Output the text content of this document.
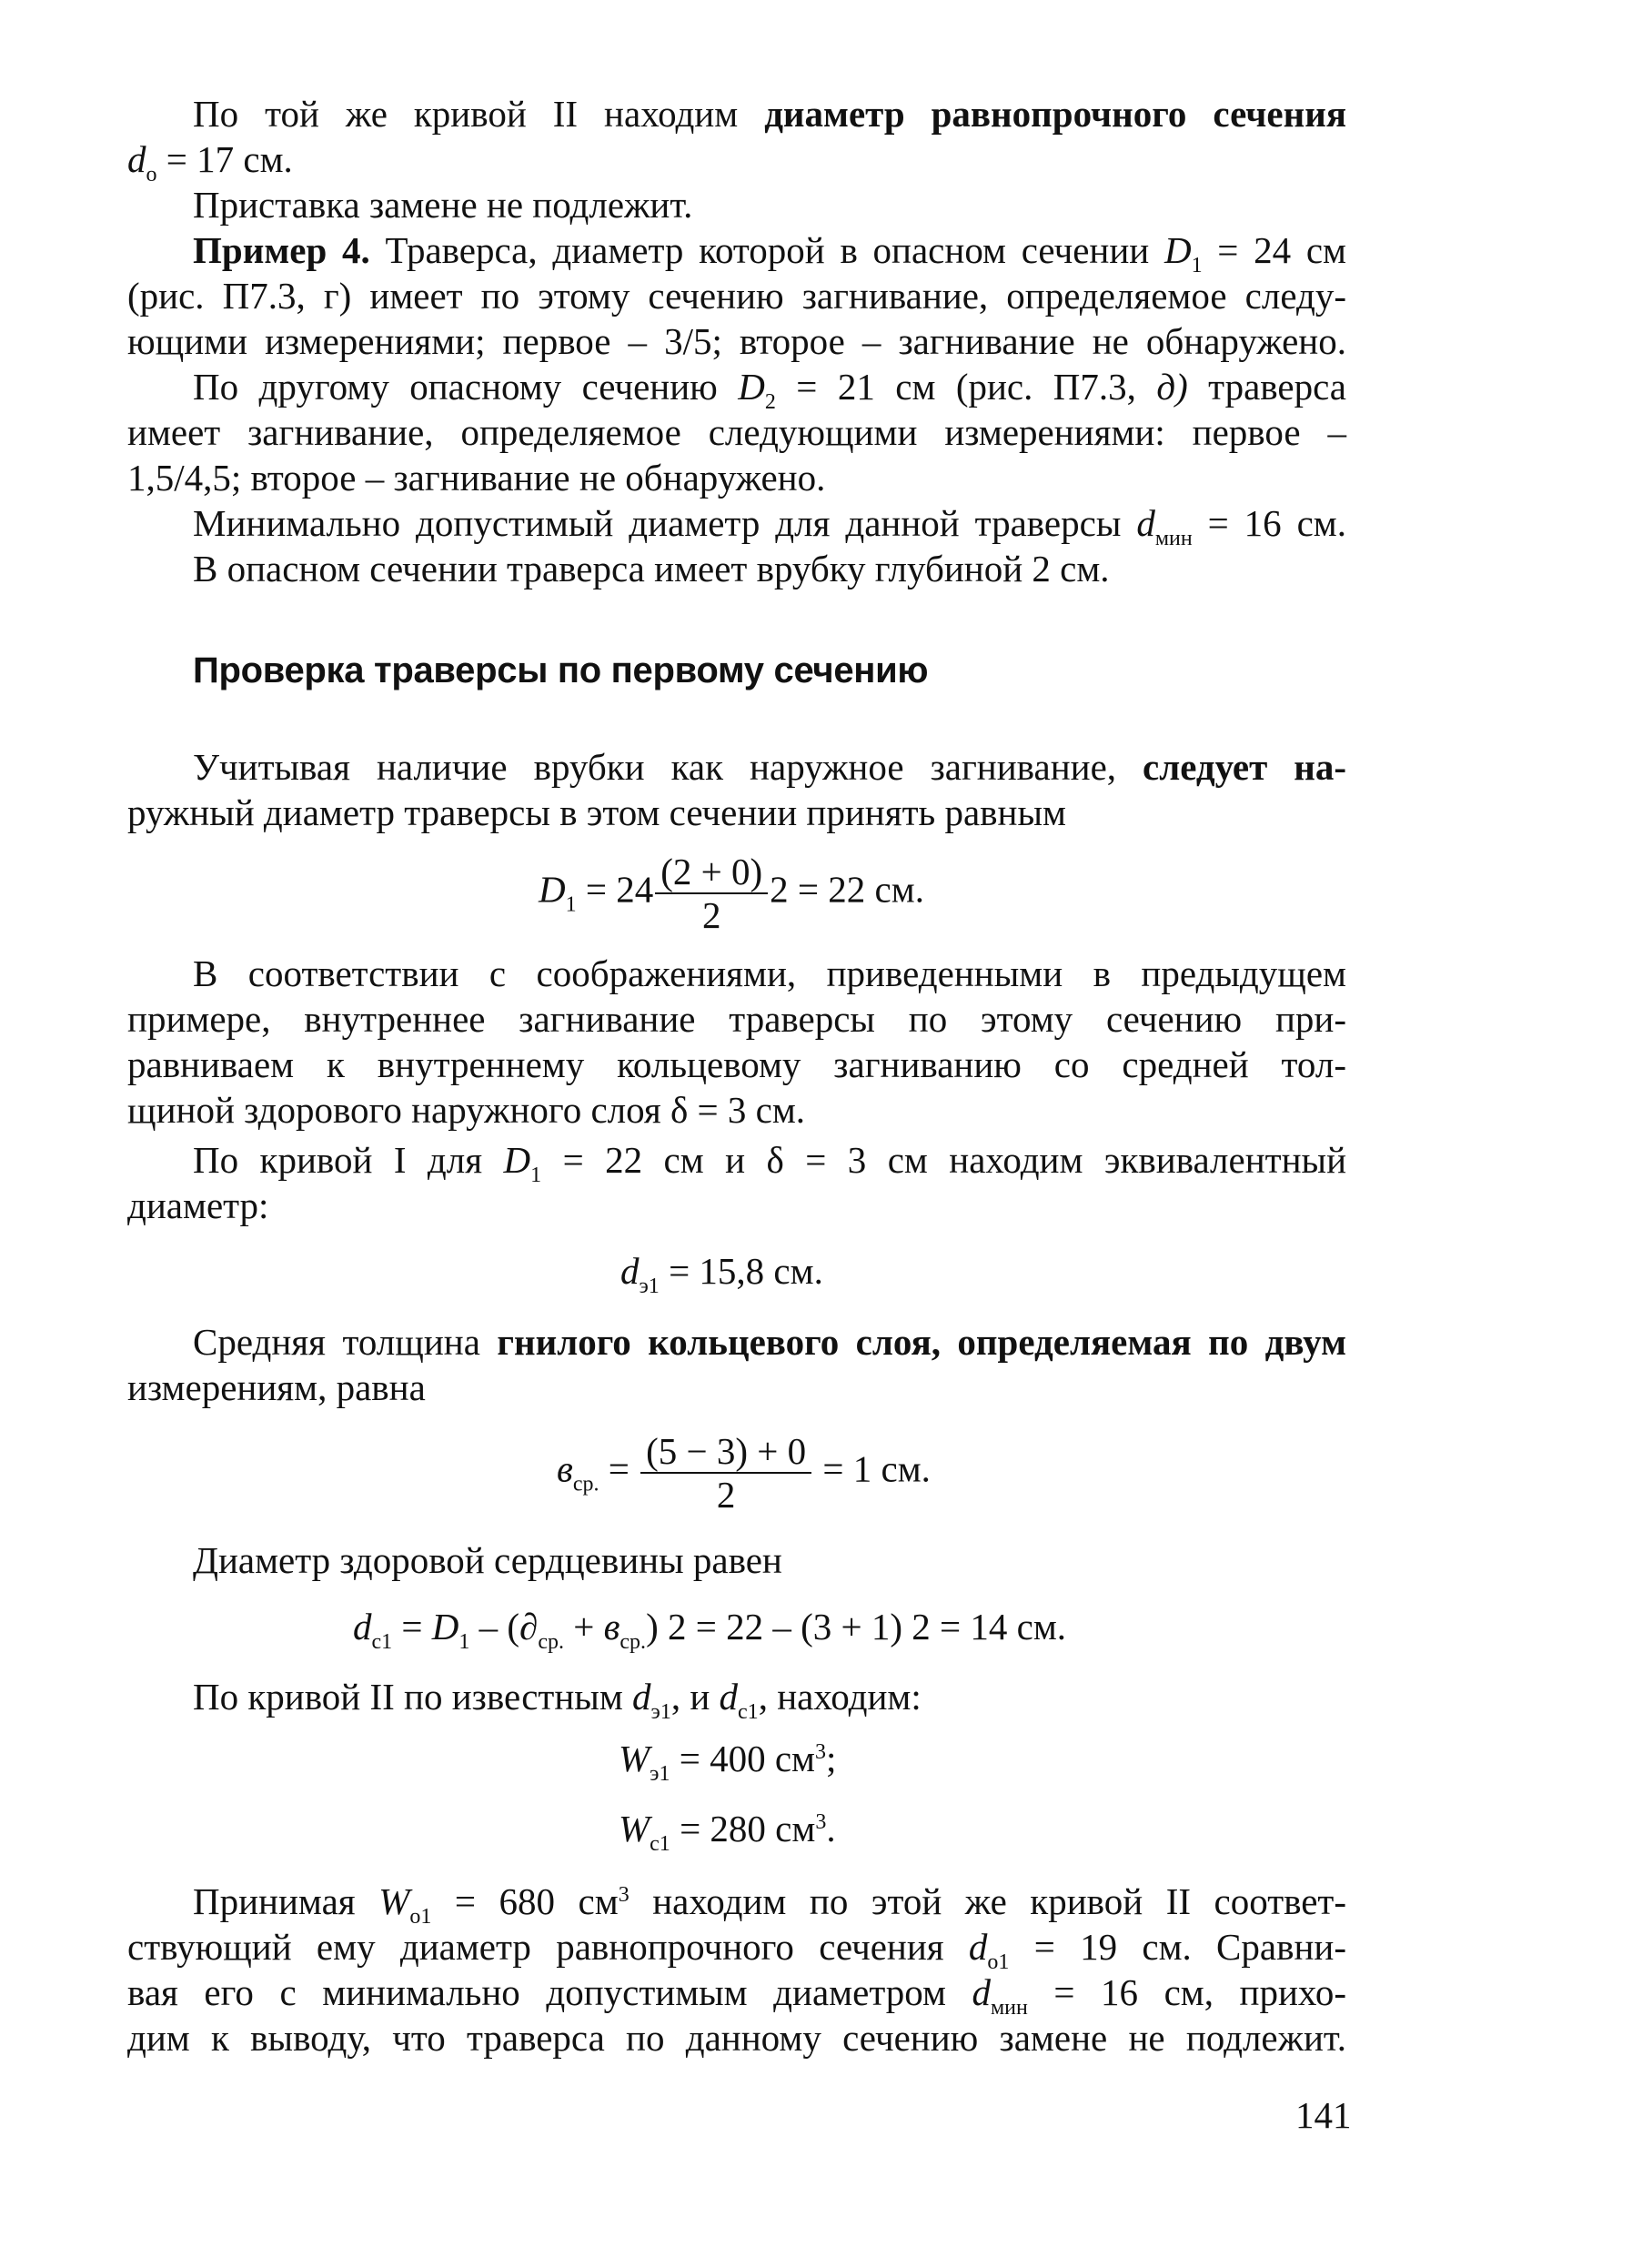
По той же кривой II находим диаметр равнопрочного сечения
$d_о = 17$ см.
Приставка замене не подлежит.
Пример 4. Траверса, диаметр которой в опасном сечении $D_1 = 24$ см
(рис. П7.3, г) имеет по этому сечению загнивание, определяемое следу-
ющими измерениями; первое – 3/5; второе – загнивание не обнаружено.
По другому опасному сечению $D_2 = 21$ см (рис. П7.3, д) траверса
имеет загнивание, определяемое следующими измерениями: первое –
1,5/4,5; второе – загнивание не обнаружено.
Минимально допустимый диаметр для данной траверсы $d_{мин} = 16$ см.
В опасном сечении траверса имеет врубку глубиной 2 см.
Проверка траверсы по первому сечению
Учитывая наличие врубки как наружное загнивание, следует на-
ружный диаметр траверсы в этом сечении принять равным
$D_1 = 24 \frac{(2 + 0)}{2} 2 = 22$ см.
В соответствии с соображениями, приведенными в предыдущем
примере, внутреннее загнивание траверсы по этому сечению при-
равниваем к внутреннему кольцевому загниванию со средней тол-
щиной здорового наружного слоя δ = 3 см.
По кривой I для $D_1 = 22$ см и δ = 3 см находим эквивалентный
диаметр:
$d_{э1} = 15,8$ см.
Средняя толщина гнилого кольцевого слоя, определяемая по двум
измерениям, равна
$в_{ср.} = \frac{(5 - 3) + 0}{2} = 1$ см.
Диаметр здоровой сердцевины равен
$d_{с1} = D_1 - (\partial_{ср.} + в_{ср.}) 2 = 22 - (3 + 1) 2 = 14$ см.
По кривой II по известным $d_{э1}$, и $d_{с1}$, находим:
$W_{э1} = 400$ $см^3$;
$W_{с1} = 280$ $см^3$.
Принимая $W_{о1} = 680$ $см^3$ находим по этой же кривой II соответ-
ствующий ему диаметр равнопрочного сечения $d_{о1} = 19$ см. Сравни-
вая его с минимально допустимым диаметром $d_{мин} = 16$ см, прихо-
дим к выводу, что траверса по данному сечению замене не подлежит.
141
